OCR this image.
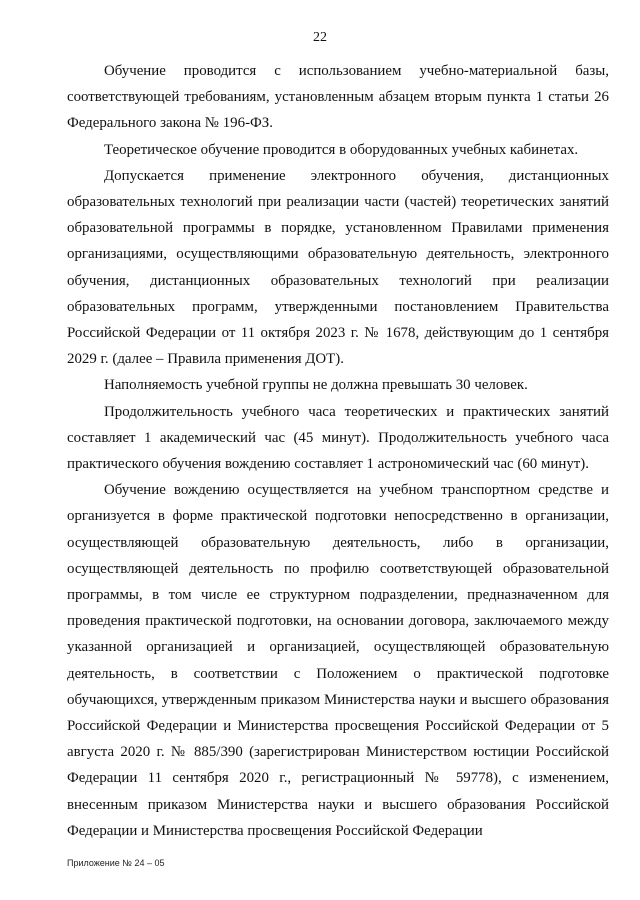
22

Обучение проводится с использованием учебно-материальной базы, соответствующей требованиям, установленным абзацем вторым пункта 1 статьи 26 Федерального закона № 196-ФЗ.

Теоретическое обучение проводится в оборудованных учебных кабинетах.

Допускается применение электронного обучения, дистанционных образовательных технологий при реализации части (частей) теоретических занятий образовательной программы в порядке, установленном Правилами применения организациями, осуществляющими образовательную деятельность, электронного обучения, дистанционных образовательных технологий при реализации образовательных программ, утвержденными постановлением Правительства Российской Федерации от 11 октября 2023 г. № 1678, действующим до 1 сентября 2029 г. (далее – Правила применения ДОТ).

Наполняемость учебной группы не должна превышать 30 человек.

Продолжительность учебного часа теоретических и практических занятий составляет 1 академический час (45 минут). Продолжительность учебного часа практического обучения вождению составляет 1 астрономический час (60 минут).

Обучение вождению осуществляется на учебном транспортном средстве и организуется в форме практической подготовки непосредственно в организации, осуществляющей образовательную деятельность, либо в организации, осуществляющей деятельность по профилю соответствующей образовательной программы, в том числе ее структурном подразделении, предназначенном для проведения практической подготовки, на основании договора, заключаемого между указанной организацией и организацией, осуществляющей образовательную деятельность, в соответствии с Положением о практической подготовке обучающихся, утвержденным приказом Министерства науки и высшего образования Российской Федерации и Министерства просвещения Российской Федерации от 5 августа 2020 г. № 885/390 (зарегистрирован Министерством юстиции Российской Федерации 11 сентября 2020 г., регистрационный № 59778), с изменением, внесенным приказом Министерства науки и высшего образования Российской Федерации и Министерства просвещения Российской Федерации

Приложение № 24 – 05
